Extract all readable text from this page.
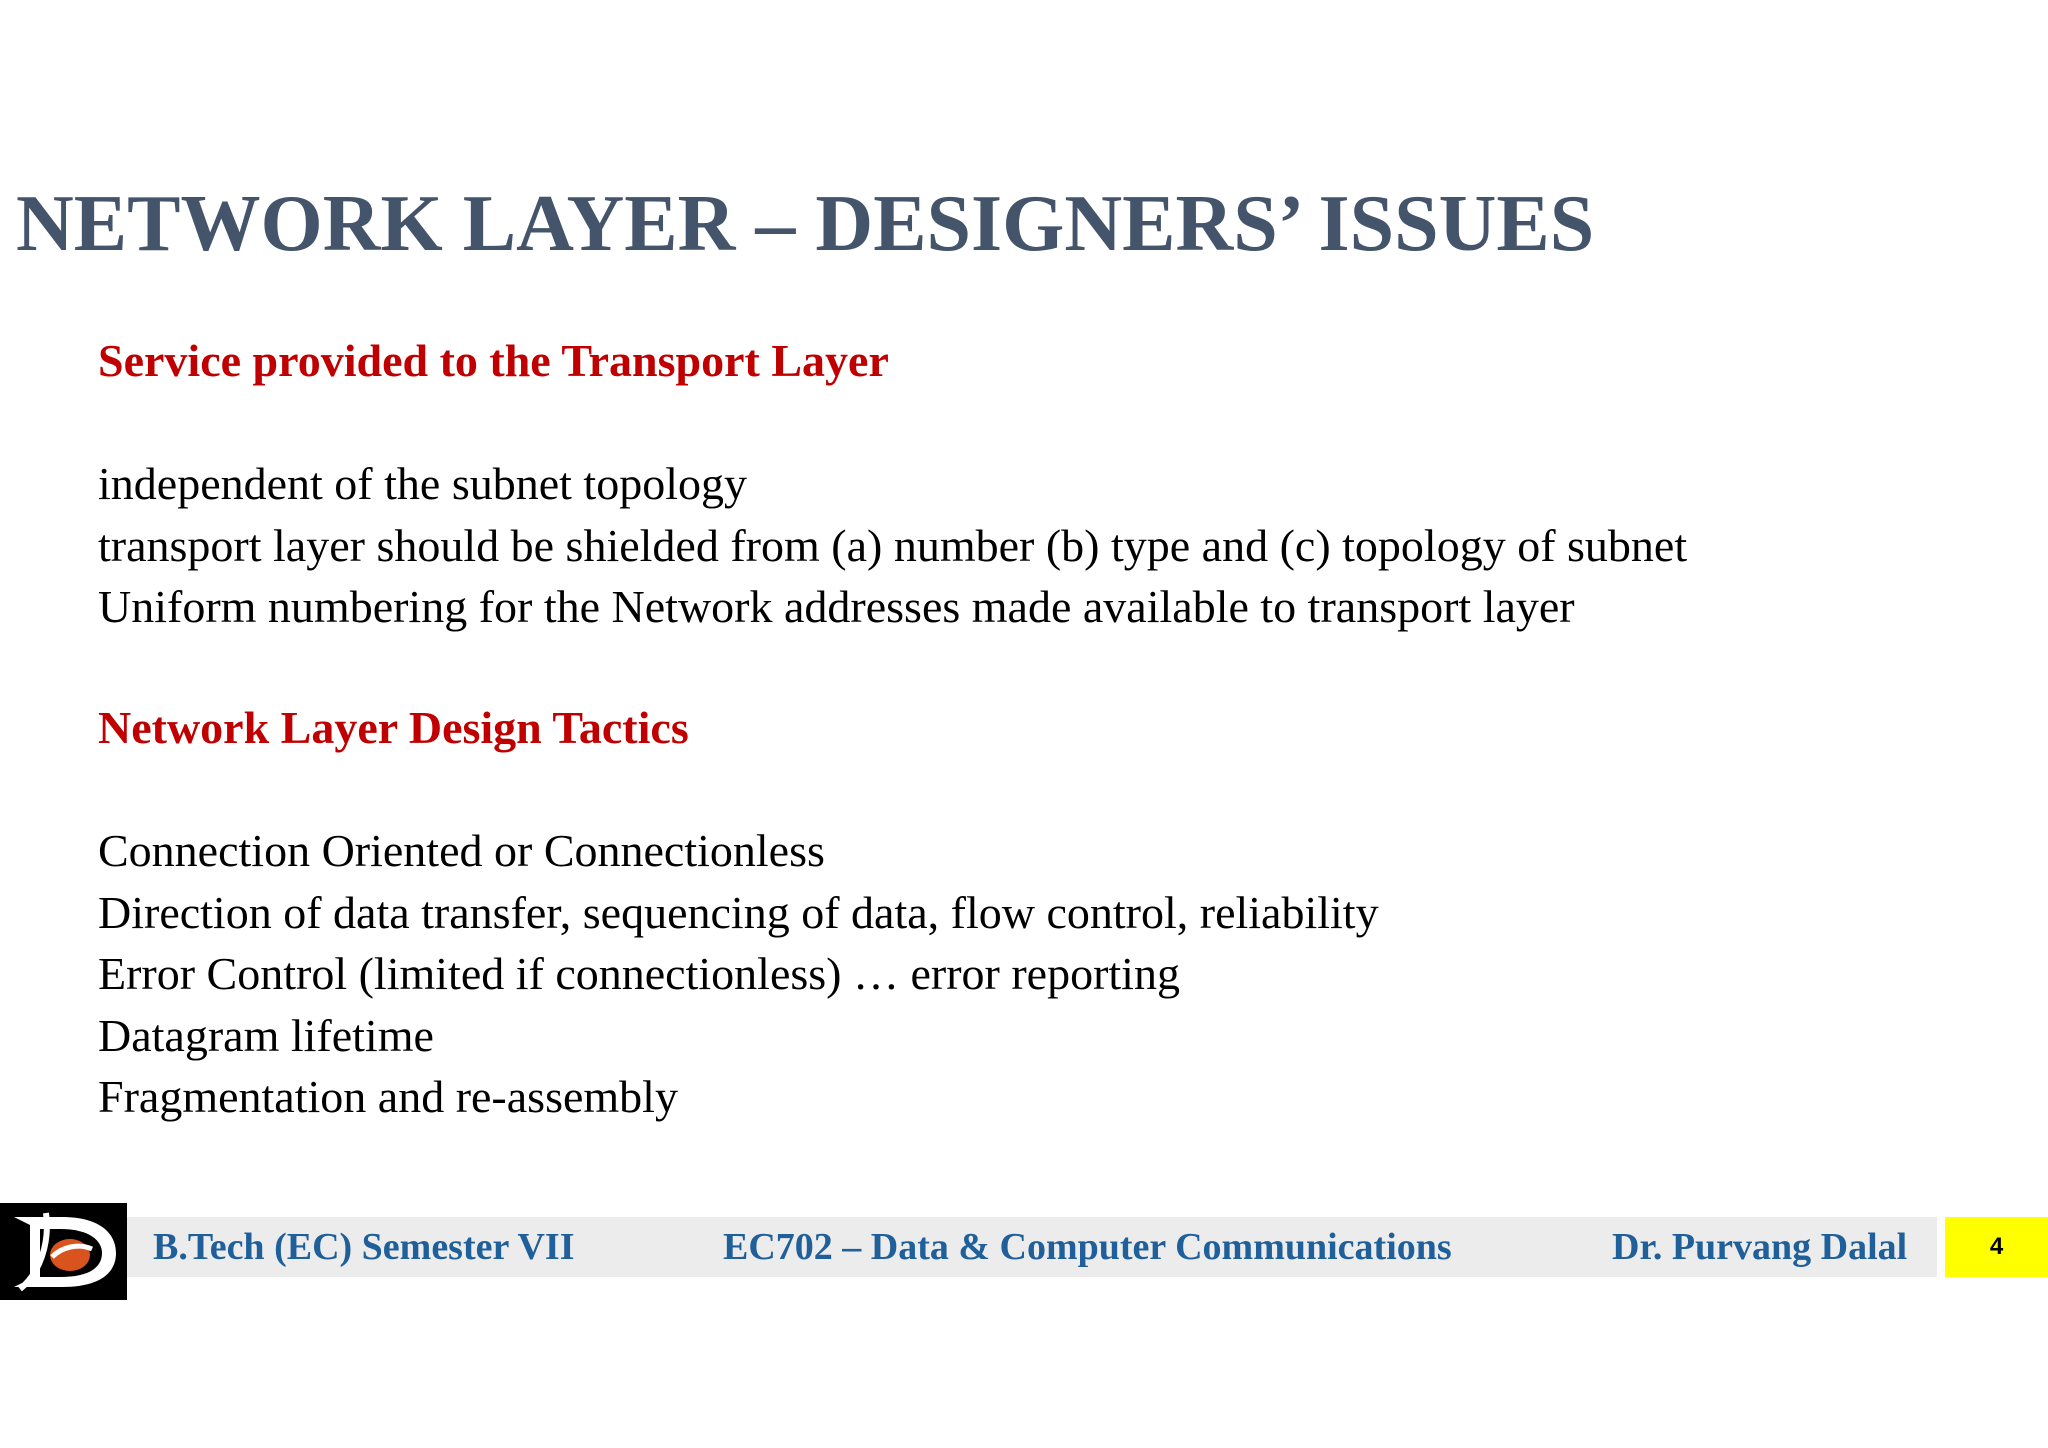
NETWORK LAYER – DESIGNERS’ ISSUES
Service provided to the Transport Layer
independent of the subnet topology
transport layer should be shielded from (a) number (b) type and (c) topology of subnet
Uniform numbering for the Network addresses made available to transport layer
Network Layer Design Tactics
Connection Oriented or Connectionless
Direction of data transfer, sequencing of data, flow control, reliability
Error Control (limited if connectionless) … error reporting
Datagram lifetime
Fragmentation and re-assembly
B.Tech (EC) Semester VII	EC702 – Data & Computer Communications	Dr. Purvang Dalal	4
